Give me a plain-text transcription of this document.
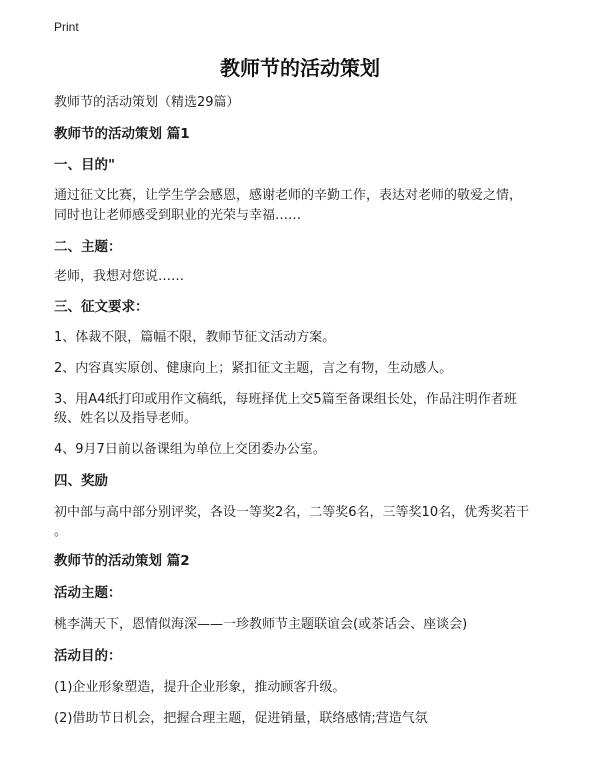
Print
教师节的活动策划
教师节的活动策划（精选29篇）
教师节的活动策划 篇1
一、目的"
通过征文比赛，让学生学会感恩，感谢老师的辛勤工作，表达对老师的敬爱之情，
同时也让老师感受到职业的光荣与幸福……
二、主题：
老师，我想对您说……
三、征文要求：
1、体裁不限，篇幅不限，教师节征文活动方案。
2、内容真实原创、健康向上；紧扣征文主题，言之有物，生动感人。
3、用A4纸打印或用作文稿纸，每班择优上交5篇至备课组长处，作品注明作者班
级、姓名以及指导老师。
4、9月7日前以备课组为单位上交团委办公室。
四、奖励
初中部与高中部分别评奖，各设一等奖2名，二等奖6名，三等奖10名，优秀奖若干
。
教师节的活动策划 篇2
活动主题：
桃李满天下，恩情似海深——一珍教师节主题联谊会(或茶话会、座谈会)
活动目的：
(1)企业形象塑造，提升企业形象，推动顾客升级。
(2)借助节日机会，把握合理主题，促进销量，联络感情;营造气氛
